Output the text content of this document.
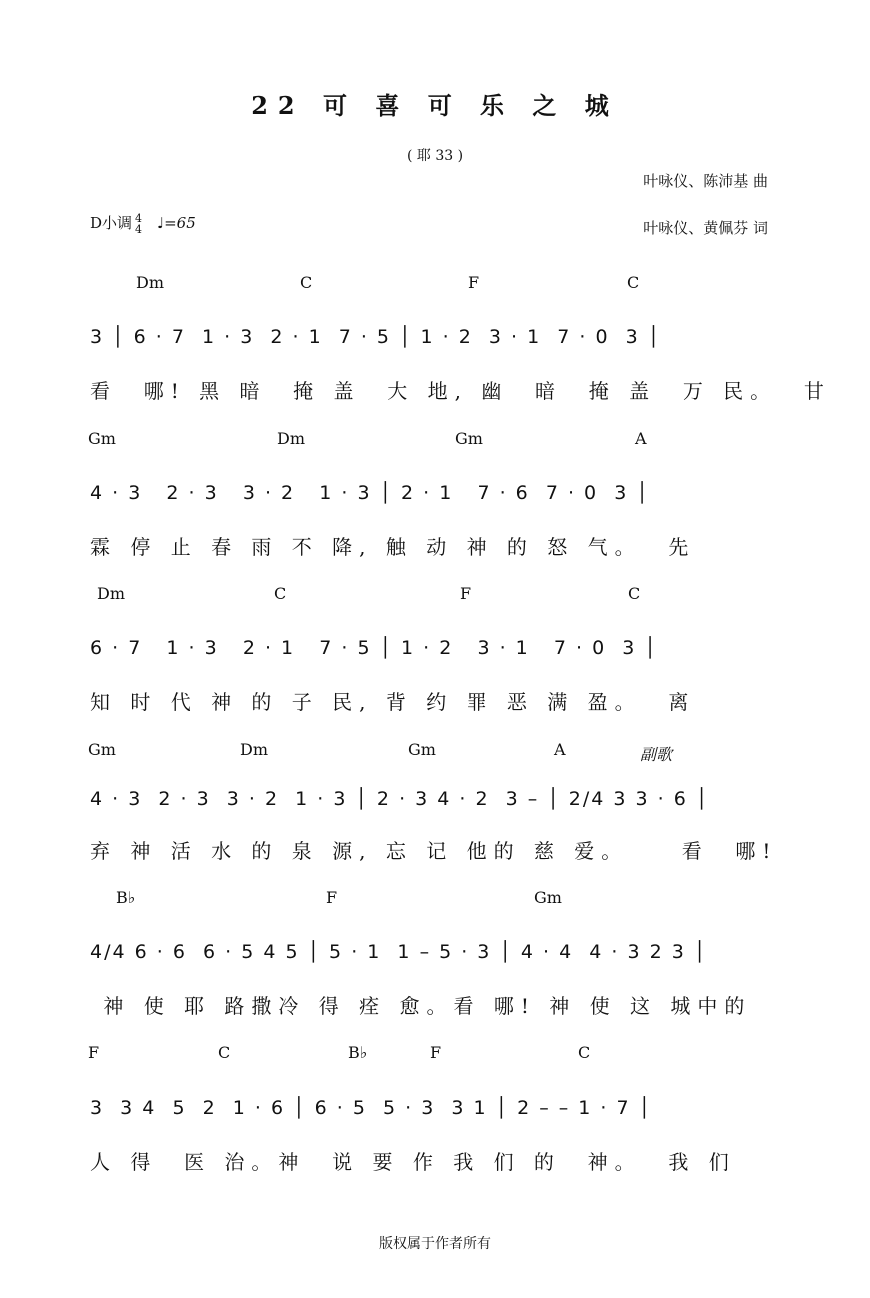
22 可 喜 可 乐 之 城
( 耶 33 )
叶咏仪、陈沛基 曲
D小调 4
4 ♩=65	叶咏仪、黄佩芬 词
Dm	C	F	C
3 │ 6 · 7  1 · 3  2 · 1  7 · 5 │ 1 · 2  3 · 1  7 · 0  3 │
看  哪! 黑 暗  掩 盖  大 地, 幽  暗  掩 盖  万 民。  甘
Gm	Dm	Gm	A
4 · 3   2 · 3   3 · 2   1 · 3 │ 2 · 1   7 · 6  7 · 0  3 │
霖 停 止 春 雨 不 降, 触 动 神 的 怒 气。  先
Dm	C	F	C
6 · 7   1 · 3   2 · 1   7 · 5 │ 1 · 2   3 · 1   7 · 0  3 │
知 时 代 神 的 子 民, 背 约 罪 恶 满 盈。  离
Gm	Dm	Gm	A	副歌
4 · 3  2 · 3  3 · 2  1 · 3 │ 2 · 3 4 · 2  3 – │ 2/4 3 3 · 6 │
弃 神 活 水 的 泉 源, 忘 记 他的 慈 爱。    看  哪!
B♭	F	Gm
4/4 6 · 6  6 · 5 4 5 │ 5 · 1  1 – 5 · 3 │ 4 · 4  4 · 3 2 3 │
神 使 耶 路撒冷 得 痊 愈。看 哪! 神 使 这 城中的
F	C	B♭	F	C
3  3 4  5  2  1 · 6 │ 6 · 5  5 · 3  3 1 │ 2 – – 1 · 7 │
人 得  医 治。神  说 要 作 我 们 的  神。  我 们
版权属于作者所有
